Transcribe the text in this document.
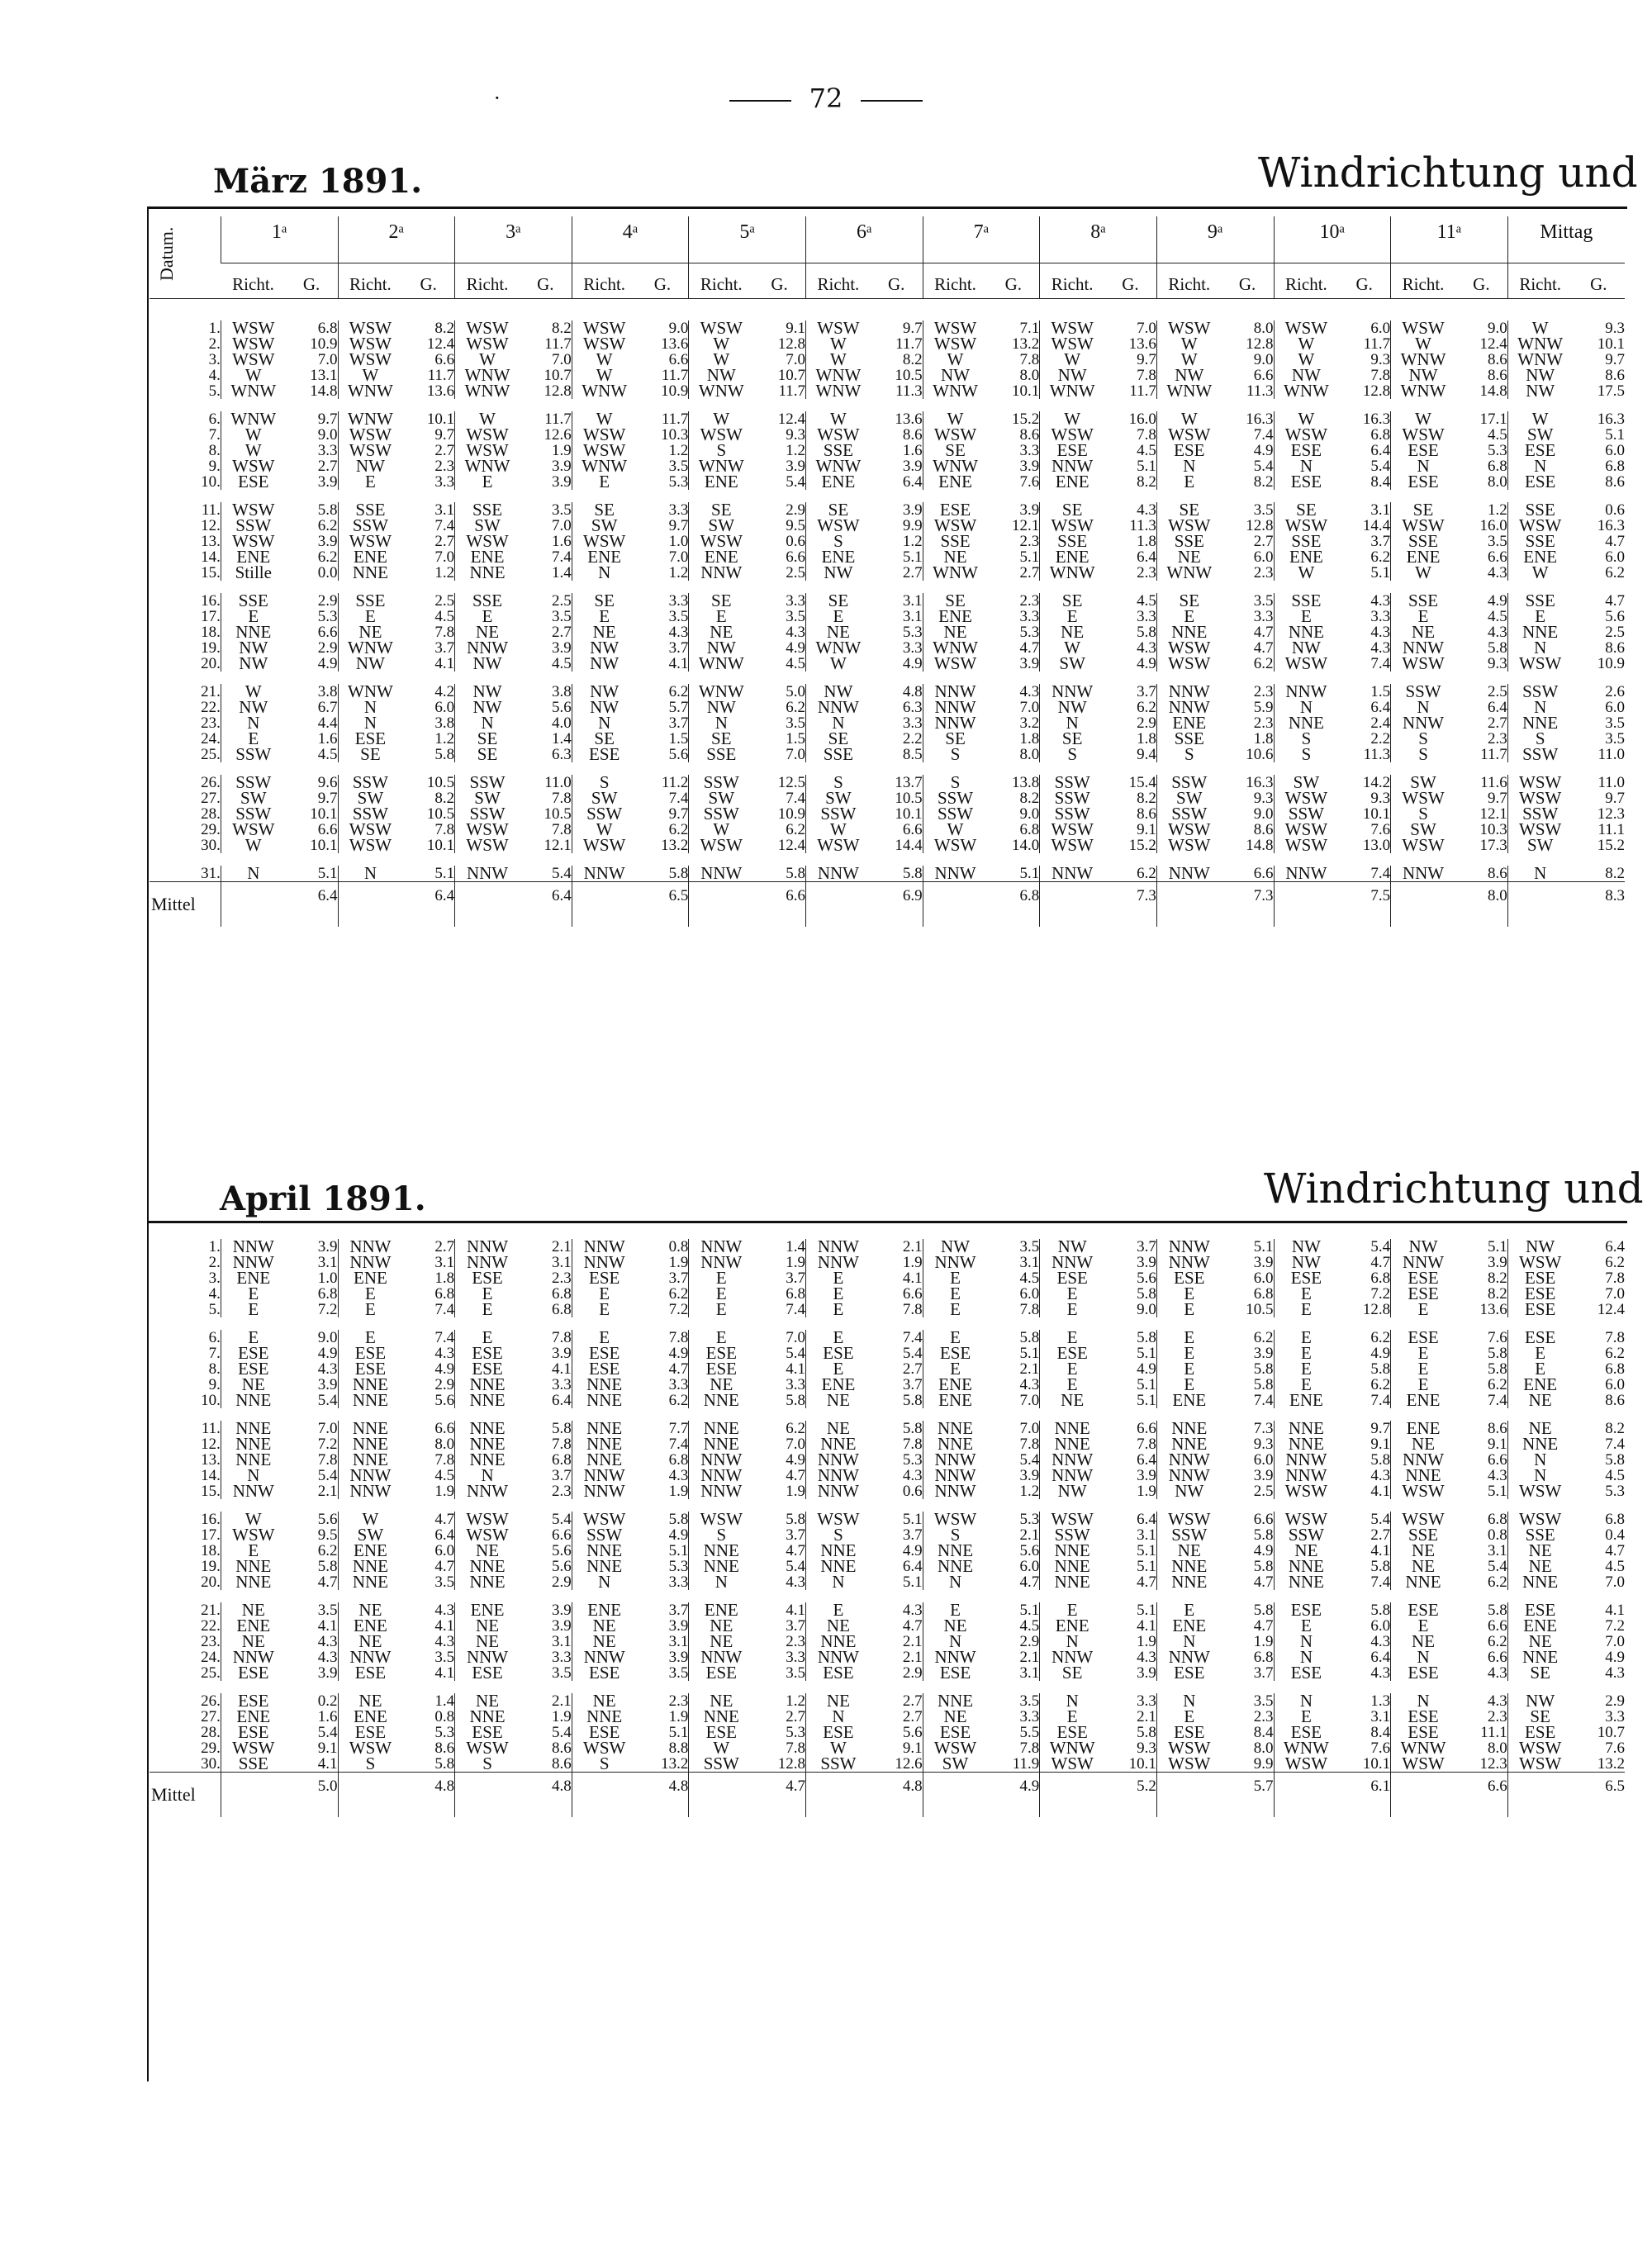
72
·
März 1891.	Windrichtung und
April 1891.	Windrichtung und
Datum.	1ᵃ		2ᵃ		3ᵃ		4ᵃ		5ᵃ		6ᵃ		7ᵃ		8ᵃ		9ᵃ		10ᵃ		11ᵃ		Mittag	
	Richt.	G.	Richt.	G.	Richt.	G.	Richt.	G.	Richt.	G.	Richt.	G.	Richt.	G.	Richt.	G.	Richt.	G.	Richt.	G.	Richt.	G.	Richt.	G.

1.	WSW	6.8	WSW	8.2	WSW	8.2	WSW	9.0	WSW	9.1	WSW	9.7	WSW	7.1	WSW	7.0	WSW	8.0	WSW	6.0	WSW	9.0	W	9.3
2.	WSW	10.9	WSW	12.4	WSW	11.7	WSW	13.6	W	12.8	W	11.7	WSW	13.2	WSW	13.6	W	12.8	W	11.7	W	12.4	WNW	10.1
3.	WSW	7.0	WSW	6.6	W	7.0	W	6.6	W	7.0	W	8.2	W	7.8	W	9.7	W	9.0	W	9.3	WNW	8.6	WNW	9.7
4.	W	13.1	W	11.7	WNW	10.7	W	11.7	NW	10.7	WNW	10.5	NW	8.0	NW	7.8	NW	6.6	NW	7.8	NW	8.6	NW	8.6
5.	WNW	14.8	WNW	13.6	WNW	12.8	WNW	10.9	WNW	11.7	WNW	11.3	WNW	10.1	WNW	11.7	WNW	11.3	WNW	12.8	WNW	14.8	NW	17.5

6.	WNW	9.7	WNW	10.1	W	11.7	W	11.7	W	12.4	W	13.6	W	15.2	W	16.0	W	16.3	W	16.3	W	17.1	W	16.3
7.	W	9.0	WSW	9.7	WSW	12.6	WSW	10.3	WSW	9.3	WSW	8.6	WSW	8.6	WSW	7.8	WSW	7.4	WSW	6.8	WSW	4.5	SW	5.1
8.	W	3.3	WSW	2.7	WSW	1.9	WSW	1.2	S	1.2	SSE	1.6	SE	3.3	ESE	4.5	ESE	4.9	ESE	6.4	ESE	5.3	ESE	6.0
9.	WSW	2.7	NW	2.3	WNW	3.9	WNW	3.5	WNW	3.9	WNW	3.9	WNW	3.9	NNW	5.1	N	5.4	N	5.4	N	6.8	N	6.8
10.	ESE	3.9	E	3.3	E	3.9	E	5.3	ENE	5.4	ENE	6.4	ENE	7.6	ENE	8.2	E	8.2	ESE	8.4	ESE	8.0	ESE	8.6

11.	WSW	5.8	SSE	3.1	SSE	3.5	SE	3.3	SE	2.9	SE	3.9	ESE	3.9	SE	4.3	SE	3.5	SE	3.1	SE	1.2	SSE	0.6
12.	SSW	6.2	SSW	7.4	SW	7.0	SW	9.7	SW	9.5	WSW	9.9	WSW	12.1	WSW	11.3	WSW	12.8	WSW	14.4	WSW	16.0	WSW	16.3
13.	WSW	3.9	WSW	2.7	WSW	1.6	WSW	1.0	WSW	0.6	S	1.2	SSE	2.3	SSE	1.8	SSE	2.7	SSE	3.7	SSE	3.5	SSE	4.7
14.	ENE	6.2	ENE	7.0	ENE	7.4	ENE	7.0	ENE	6.6	ENE	5.1	NE	5.1	ENE	6.4	NE	6.0	ENE	6.2	ENE	6.6	ENE	6.0
15.	Stille	0.0	NNE	1.2	NNE	1.4	N	1.2	NNW	2.5	NW	2.7	WNW	2.7	WNW	2.3	WNW	2.3	W	5.1	W	4.3	W	6.2

16.	SSE	2.9	SSE	2.5	SSE	2.5	SE	3.3	SE	3.3	SE	3.1	SE	2.3	SE	4.5	SE	3.5	SSE	4.3	SSE	4.9	SSE	4.7
17.	E	5.3	E	4.5	E	3.5	E	3.5	E	3.5	E	3.1	ENE	3.3	E	3.3	E	3.3	E	3.3	E	4.5	E	5.6
18.	NNE	6.6	NE	7.8	NE	2.7	NE	4.3	NE	4.3	NE	5.3	NE	5.3	NE	5.8	NNE	4.7	NNE	4.3	NE	4.3	NNE	2.5
19.	NW	2.9	WNW	3.7	NNW	3.9	NW	3.7	NW	4.9	WNW	3.3	WNW	4.7	W	4.3	WSW	4.7	NW	4.3	NNW	5.8	N	8.6
20.	NW	4.9	NW	4.1	NW	4.5	NW	4.1	WNW	4.5	W	4.9	WSW	3.9	SW	4.9	WSW	6.2	WSW	7.4	WSW	9.3	WSW	10.9

21.	W	3.8	WNW	4.2	NW	3.8	NW	6.2	WNW	5.0	NW	4.8	NNW	4.3	NNW	3.7	NNW	2.3	NNW	1.5	SSW	2.5	SSW	2.6
22.	NW	6.7	N	6.0	NW	5.6	NW	5.7	NW	6.2	NNW	6.3	NNW	7.0	NW	6.2	NNW	5.9	N	6.4	N	6.4	N	6.0
23.	N	4.4	N	3.8	N	4.0	N	3.7	N	3.5	N	3.3	NNW	3.2	N	2.9	ENE	2.3	NNE	2.4	NNW	2.7	NNE	3.5
24.	E	1.6	ESE	1.2	SE	1.4	SE	1.5	SE	1.5	SE	2.2	SE	1.8	SE	1.8	SSE	1.8	S	2.2	S	2.3	S	3.5
25.	SSW	4.5	SE	5.8	SE	6.3	ESE	5.6	SSE	7.0	SSE	8.5	S	8.0	S	9.4	S	10.6	S	11.3	S	11.7	SSW	11.0

26.	SSW	9.6	SSW	10.5	SSW	11.0	S	11.2	SSW	12.5	S	13.7	S	13.8	SSW	15.4	SSW	16.3	SW	14.2	SW	11.6	WSW	11.0
27.	SW	9.7	SW	8.2	SW	7.8	SW	7.4	SW	7.4	SW	10.5	SSW	8.2	SSW	8.2	SW	9.3	WSW	9.3	WSW	9.7	WSW	9.7
28.	SSW	10.1	SSW	10.5	SSW	10.5	SSW	9.7	SSW	10.9	SSW	10.1	SSW	9.0	SSW	8.6	SSW	9.0	SSW	10.1	S	12.1	SSW	12.3
29.	WSW	6.6	WSW	7.8	WSW	7.8	W	6.2	W	6.2	W	6.6	W	6.8	WSW	9.1	WSW	8.6	WSW	7.6	SW	10.3	WSW	11.1
30.	W	10.1	WSW	10.1	WSW	12.1	WSW	13.2	WSW	12.4	WSW	14.4	WSW	14.0	WSW	15.2	WSW	14.8	WSW	13.0	WSW	17.3	SW	15.2

31.	N	5.1	N	5.1	NNW	5.4	NNW	5.8	NNW	5.8	NNW	5.8	NNW	5.1	NNW	6.2	NNW	6.6	NNW	7.4	NNW	8.6	N	8.2
Mittel		6.4		6.4		6.4		6.5		6.6		6.9		6.8		7.3		7.3		7.5		8.0		8.3

1.	NNW	3.9	NNW	2.7	NNW	2.1	NNW	0.8	NNW	1.4	NNW	2.1	NW	3.5	NW	3.7	NNW	5.1	NW	5.4	NW	5.1	NW	6.4
2.	NNW	3.1	NNW	3.1	NNW	3.1	NNW	1.9	NNW	1.9	NNW	1.9	NNW	3.1	NNW	3.9	NNW	3.9	NW	4.7	NNW	3.9	WSW	6.2
3.	ENE	1.0	ENE	1.8	ESE	2.3	ESE	3.7	E	3.7	E	4.1	E	4.5	ESE	5.6	ESE	6.0	ESE	6.8	ESE	8.2	ESE	7.8
4.	E	6.8	E	6.8	E	6.8	E	6.2	E	6.8	E	6.6	E	6.0	E	5.8	E	6.8	E	7.2	ESE	8.2	ESE	7.0
5.	E	7.2	E	7.4	E	6.8	E	7.2	E	7.4	E	7.8	E	7.8	E	9.0	E	10.5	E	12.8	E	13.6	ESE	12.4

6.	E	9.0	E	7.4	E	7.8	E	7.8	E	7.0	E	7.4	E	5.8	E	5.8	E	6.2	E	6.2	ESE	7.6	ESE	7.8
7.	ESE	4.9	ESE	4.3	ESE	3.9	ESE	4.9	ESE	5.4	ESE	5.4	ESE	5.1	ESE	5.1	E	3.9	E	4.9	E	5.8	E	6.2
8.	ESE	4.3	ESE	4.9	ESE	4.1	ESE	4.7	ESE	4.1	E	2.7	E	2.1	E	4.9	E	5.8	E	5.8	E	5.8	E	6.8
9.	NE	3.9	NNE	2.9	NNE	3.3	NNE	3.3	NE	3.3	ENE	3.7	ENE	4.3	E	5.1	E	5.8	E	6.2	E	6.2	ENE	6.0
10.	NNE	5.4	NNE	5.6	NNE	6.4	NNE	6.2	NNE	5.8	NE	5.8	ENE	7.0	NE	5.1	ENE	7.4	ENE	7.4	ENE	7.4	NE	8.6

11.	NNE	7.0	NNE	6.6	NNE	5.8	NNE	7.7	NNE	6.2	NE	5.8	NNE	7.0	NNE	6.6	NNE	7.3	NNE	9.7	ENE	8.6	NE	8.2
12.	NNE	7.2	NNE	8.0	NNE	7.8	NNE	7.4	NNE	7.0	NNE	7.8	NNE	7.8	NNE	7.8	NNE	9.3	NNE	9.1	NE	9.1	NNE	7.4
13.	NNE	7.8	NNE	7.8	NNE	6.8	NNE	6.8	NNW	4.9	NNW	5.3	NNW	5.4	NNW	6.4	NNW	6.0	NNW	5.8	NNW	6.6	N	5.8
14.	N	5.4	NNW	4.5	N	3.7	NNW	4.3	NNW	4.7	NNW	4.3	NNW	3.9	NNW	3.9	NNW	3.9	NNW	4.3	NNE	4.3	N	4.5
15.	NNW	2.1	NNW	1.9	NNW	2.3	NNW	1.9	NNW	1.9	NNW	0.6	NNW	1.2	NW	1.9	NW	2.5	WSW	4.1	WSW	5.1	WSW	5.3

16.	W	5.6	W	4.7	WSW	5.4	WSW	5.8	WSW	5.8	WSW	5.1	WSW	5.3	WSW	6.4	WSW	6.6	WSW	5.4	WSW	6.8	WSW	6.8
17.	WSW	9.5	SW	6.4	WSW	6.6	SSW	4.9	S	3.7	S	3.7	S	2.1	SSW	3.1	SSW	5.8	SSW	2.7	SSE	0.8	SSE	0.4
18.	E	6.2	ENE	6.0	NE	5.6	NNE	5.1	NNE	4.7	NNE	4.9	NNE	5.6	NNE	5.1	NE	4.9	NE	4.1	NE	3.1	NE	4.7
19.	NNE	5.8	NNE	4.7	NNE	5.6	NNE	5.3	NNE	5.4	NNE	6.4	NNE	6.0	NNE	5.1	NNE	5.8	NNE	5.8	NE	5.4	NE	4.5
20.	NNE	4.7	NNE	3.5	NNE	2.9	N	3.3	N	4.3	N	5.1	N	4.7	NNE	4.7	NNE	4.7	NNE	7.4	NNE	6.2	NNE	7.0

21.	NE	3.5	NE	4.3	ENE	3.9	ENE	3.7	ENE	4.1	E	4.3	E	5.1	E	5.1	E	5.8	ESE	5.8	ESE	5.8	ESE	4.1
22.	ENE	4.1	ENE	4.1	NE	3.9	NE	3.9	NE	3.7	NE	4.7	NE	4.5	ENE	4.1	ENE	4.7	E	6.0	E	6.6	ENE	7.2
23.	NE	4.3	NE	4.3	NE	3.1	NE	3.1	NE	2.3	NNE	2.1	N	2.9	N	1.9	N	1.9	N	4.3	NE	6.2	NE	7.0
24.	NNW	4.3	NNW	3.5	NNW	3.3	NNW	3.9	NNW	3.3	NNW	2.1	NNW	2.1	NNW	4.3	NNW	6.8	N	6.4	N	6.6	NNE	4.9
25.	ESE	3.9	ESE	4.1	ESE	3.5	ESE	3.5	ESE	3.5	ESE	2.9	ESE	3.1	SE	3.9	ESE	3.7	ESE	4.3	ESE	4.3	SE	4.3

26.	ESE	0.2	NE	1.4	NE	2.1	NE	2.3	NE	1.2	NE	2.7	NNE	3.5	N	3.3	N	3.5	N	1.3	N	4.3	NW	2.9
27.	ENE	1.6	ENE	0.8	NNE	1.9	NNE	1.9	NNE	2.7	N	2.7	NE	3.3	E	2.1	E	2.3	E	3.1	ESE	2.3	SE	3.3
28.	ESE	5.4	ESE	5.3	ESE	5.4	ESE	5.1	ESE	5.3	ESE	5.6	ESE	5.5	ESE	5.8	ESE	8.4	ESE	8.4	ESE	11.1	ESE	10.7
29.	WSW	9.1	WSW	8.6	WSW	8.6	WSW	8.8	W	7.8	W	9.1	WSW	7.8	WNW	9.3	WSW	8.0	WNW	7.6	WNW	8.0	WSW	7.6
30.	SSE	4.1	S	5.8	S	8.6	S	13.2	SSW	12.8	SSW	12.6	SW	11.9	WSW	10.1	WSW	9.9	WSW	10.1	WSW	12.3	WSW	13.2
Mittel		5.0		4.8		4.8		4.8		4.7		4.8		4.9		5.2		5.7		6.1		6.6		6.5
